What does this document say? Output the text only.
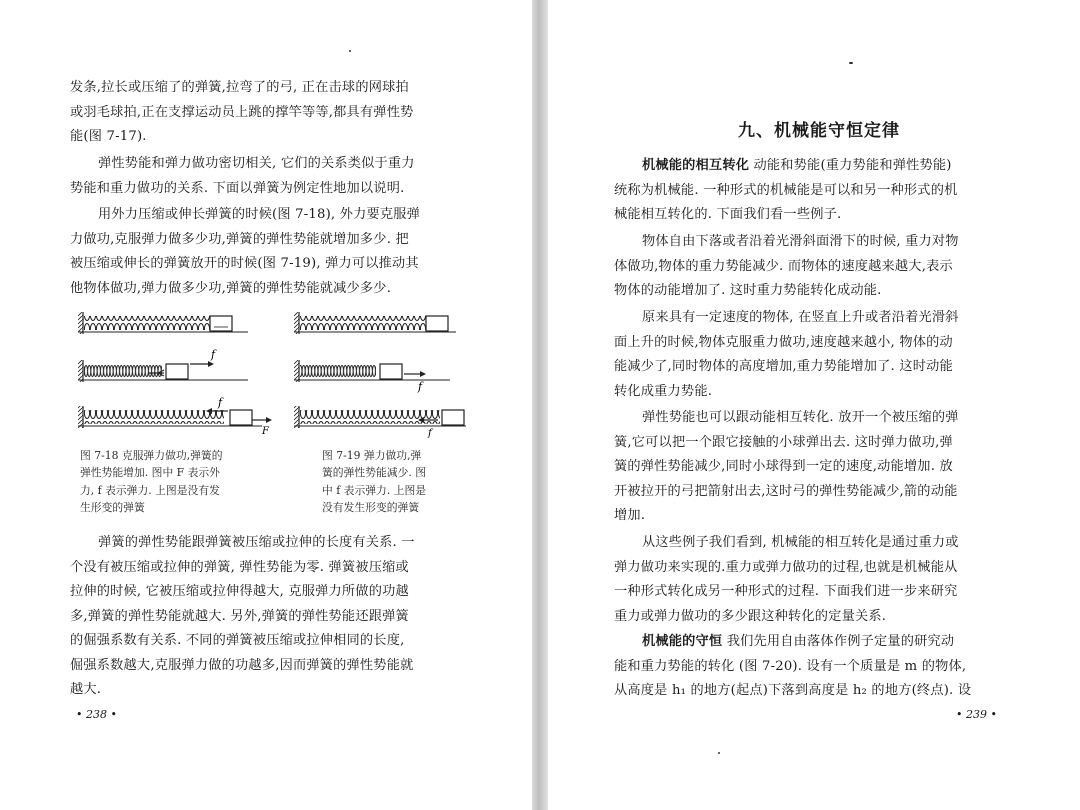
发条,拉长或压缩了的弹簧,拉弯了的弓, 正在击球的网球拍
或羽毛球拍,正在支撑运动员上跳的撑竿等等,都具有弹性势
能(图 7-17).
弹性势能和弹力做功密切相关, 它们的关系类似于重力
势能和重力做功的关系. 下面以弹簧为例定性地加以说明.
用外力压缩或伸长弹簧的时候(图 7-18), 外力要克服弹
力做功,克服弹力做多少功,弹簧的弹性势能就增加多少. 把
被压缩或伸长的弹簧放开的时候(图 7-19), 弹力可以推动其
他物体做功,弹力做多少功,弹簧的弹性势能就减少多少.
f
f
F
f
f
图 7-18 克服弹力做功,弹簧的
弹性势能增加. 图中 F 表示外
力, f 表示弹力. 上图是没有发
生形变的弹簧
图 7-19 弹力做功,弹
簧的弹性势能减少. 图
中 f 表示弹力. 上图是
没有发生形变的弹簧
弹簧的弹性势能跟弹簧被压缩或拉伸的长度有关系. 一
个没有被压缩或拉伸的弹簧, 弹性势能为零. 弹簧被压缩或
拉伸的时候, 它被压缩或拉伸得越大, 克服弹力所做的功越
多,弹簧的弹性势能就越大. 另外,弹簧的弹性势能还跟弹簧
的倔强系数有关系. 不同的弹簧被压缩或拉伸相同的长度,
倔强系数越大,克服弹力做的功越多,因而弹簧的弹性势能就
越大.
• 238 •
九、机械能守恒定律
机械能的相互转化 动能和势能(重力势能和弹性势能)
统称为机械能. 一种形式的机械能是可以和另一种形式的机
械能相互转化的. 下面我们看一些例子.
物体自由下落或者沿着光滑斜面滑下的时候, 重力对物
体做功,物体的重力势能减少. 而物体的速度越来越大,表示
物体的动能增加了. 这时重力势能转化成动能.
原来具有一定速度的物体, 在竖直上升或者沿着光滑斜
面上升的时候,物体克服重力做功,速度越来越小, 物体的动
能减少了,同时物体的高度增加,重力势能增加了. 这时动能
转化成重力势能.
弹性势能也可以跟动能相互转化. 放开一个被压缩的弹
簧,它可以把一个跟它接触的小球弹出去. 这时弹力做功,弹
簧的弹性势能减少,同时小球得到一定的速度,动能增加. 放
开被拉开的弓把箭射出去,这时弓的弹性势能减少,箭的动能
增加.
从这些例子我们看到, 机械能的相互转化是通过重力或
弹力做功来实现的.重力或弹力做功的过程,也就是机械能从
一种形式转化成另一种形式的过程. 下面我们进一步来研究
重力或弹力做功的多少跟这种转化的定量关系.
机械能的守恒 我们先用自由落体作例子定量的研究动
能和重力势能的转化 (图 7-20). 设有一个质量是 m 的物体,
从高度是 h₁ 的地方(起点)下落到高度是 h₂ 的地方(终点). 设
• 239 •
